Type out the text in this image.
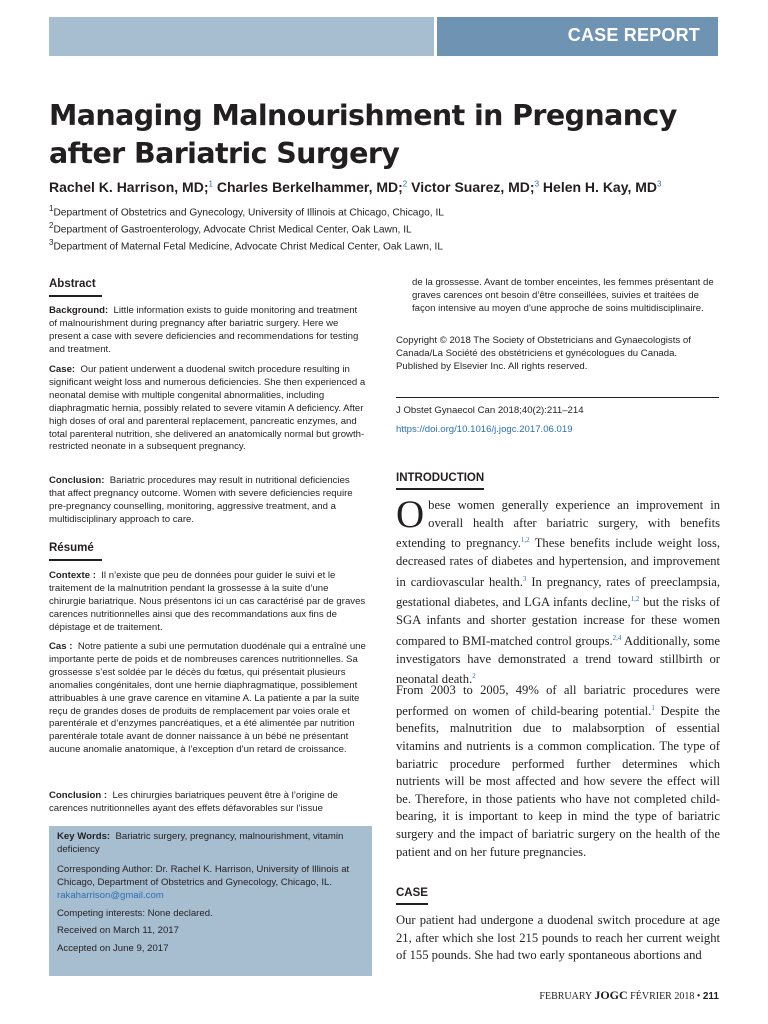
CASE REPORT
Managing Malnourishment in Pregnancy after Bariatric Surgery

Rachel K. Harrison, MD;$^1$ Charles Berkelhammer, MD;$^2$ Victor Suarez, MD;$^3$ Helen H. Kay, $MD^3$

$^1$Department of Obstetrics and Gynecology, University of Illinois at Chicago, Chicago, IL

$^2$Department of Gastroenterology, Advocate Christ Medical Center, Oak Lawn, IL

$^3$Department of Maternal Fetal Medicine, Advocate Christ Medical Center, Oak Lawn, IL

Abstract

Background: Little information exists to guide monitoring and treatment of malnourishment during pregnancy after bariatric surgery. Here we present a case with severe deficiencies and recommendations for testing and treatment.

Case: Our patient underwent a duodenal switch procedure resulting in significant weight loss and numerous deficiencies. She then experienced a neonatal demise with multiple congenital abnormalities, including diaphragmatic hernia, possibly related to severe vitamin A deficiency. After high doses of oral and parenteral replacement, pancreatic enzymes, and total parenteral nutrition, she delivered an anatomically normal but growth-restricted neonate in a subsequent pregnancy.

Conclusion: Bariatric procedures may result in nutritional deficiencies that affect pregnancy outcome. Women with severe deficiencies require pre-pregnancy counselling, monitoring, aggressive treatment, and a multidisciplinary approach to care.

Résumé

Contexte : Il n’existe que peu de données pour guider le suivi et le traitement de la malnutrition pendant la grossesse à la suite d’une chirurgie bariatrique. Nous présentons ici un cas caractérisé par de graves carences nutritionnelles ainsi que des recommandations aux fins de dépistage et de traitement.

Cas : Notre patiente a subi une permutation duodénale qui a entraîné une importante perte de poids et de nombreuses carences nutritionnelles. Sa grossesse s’est soldée par le décès du fœtus, qui présentait plusieurs anomalies congénitales, dont une hernie diaphragmatique, possiblement attribuables à une grave carence en vitamine A. La patiente a par la suite reçu de grandes doses de produits de remplacement par voies orale et parentérale et d’enzymes pancréatiques, et a été alimentée par nutrition parentérale totale avant de donner naissance à un bébé ne présentant aucune anomalie anatomique, à l’exception d’un retard de croissance.

Conclusion : Les chirurgies bariatriques peuvent être à l’origine de carences nutritionnelles ayant des effets défavorables sur l’issue

Key Words: Bariatric surgery, pregnancy, malnourishment, vitamin deficiency

Corresponding Author: Dr. Rachel K. Harrison, University of Illinois at Chicago, Department of Obstetrics and Gynecology, Chicago, IL. rakaharrison@gmail.com

Competing interests: None declared.

Received on March 11, 2017

Accepted on June 9, 2017

de la grossesse. Avant de tomber enceintes, les femmes présentant de graves carences ont besoin d’être conseillées, suivies et traitées de façon intensive au moyen d’une approche de soins multidisciplinaire.

Copyright © 2018 The Society of Obstetricians and Gynaecologists of Canada/La Société des obstétriciens et gynécologues du Canada. Published by Elsevier Inc. All rights reserved.

J Obstet Gynaecol Can 2018;40(2):211–214

https://doi.org/10.1016/j.jogc.2017.06.019

INTRODUCTION

Obese women generally experience an improvement in overall health after bariatric surgery, with benefits extending to pregnancy.$^{1,2}$ These benefits include weight loss, decreased rates of diabetes and hypertension, and improvement in cardiovascular health.$^3$ In pregnancy, rates of preeclampsia, gestational diabetes, and LGA infants decline,$^{1,2}$ but the risks of SGA infants and shorter gestation increase for these women compared to BMI-matched control groups.$^{2,4}$ Additionally, some investigators have demonstrated a trend toward stillbirth or neonatal death.$^2$

From 2003 to 2005, 49% of all bariatric procedures were performed on women of child-bearing potential.$^1$ Despite the benefits, malnutrition due to malabsorption of essential vitamins and nutrients is a common complication. The type of bariatric procedure performed further determines which nutrients will be most affected and how severe the effect will be. Therefore, in those patients who have not completed child-bearing, it is important to keep in mind the type of bariatric surgery and the impact of bariatric surgery on the health of the patient and on her future pregnancies.

CASE

Our patient had undergone a duodenal switch procedure at age 21, after which she lost 215 pounds to reach her current weight of 155 pounds. She had two early spontaneous abortions and

FEBRUARY JOGC FÉVRIER 2018 • 211
